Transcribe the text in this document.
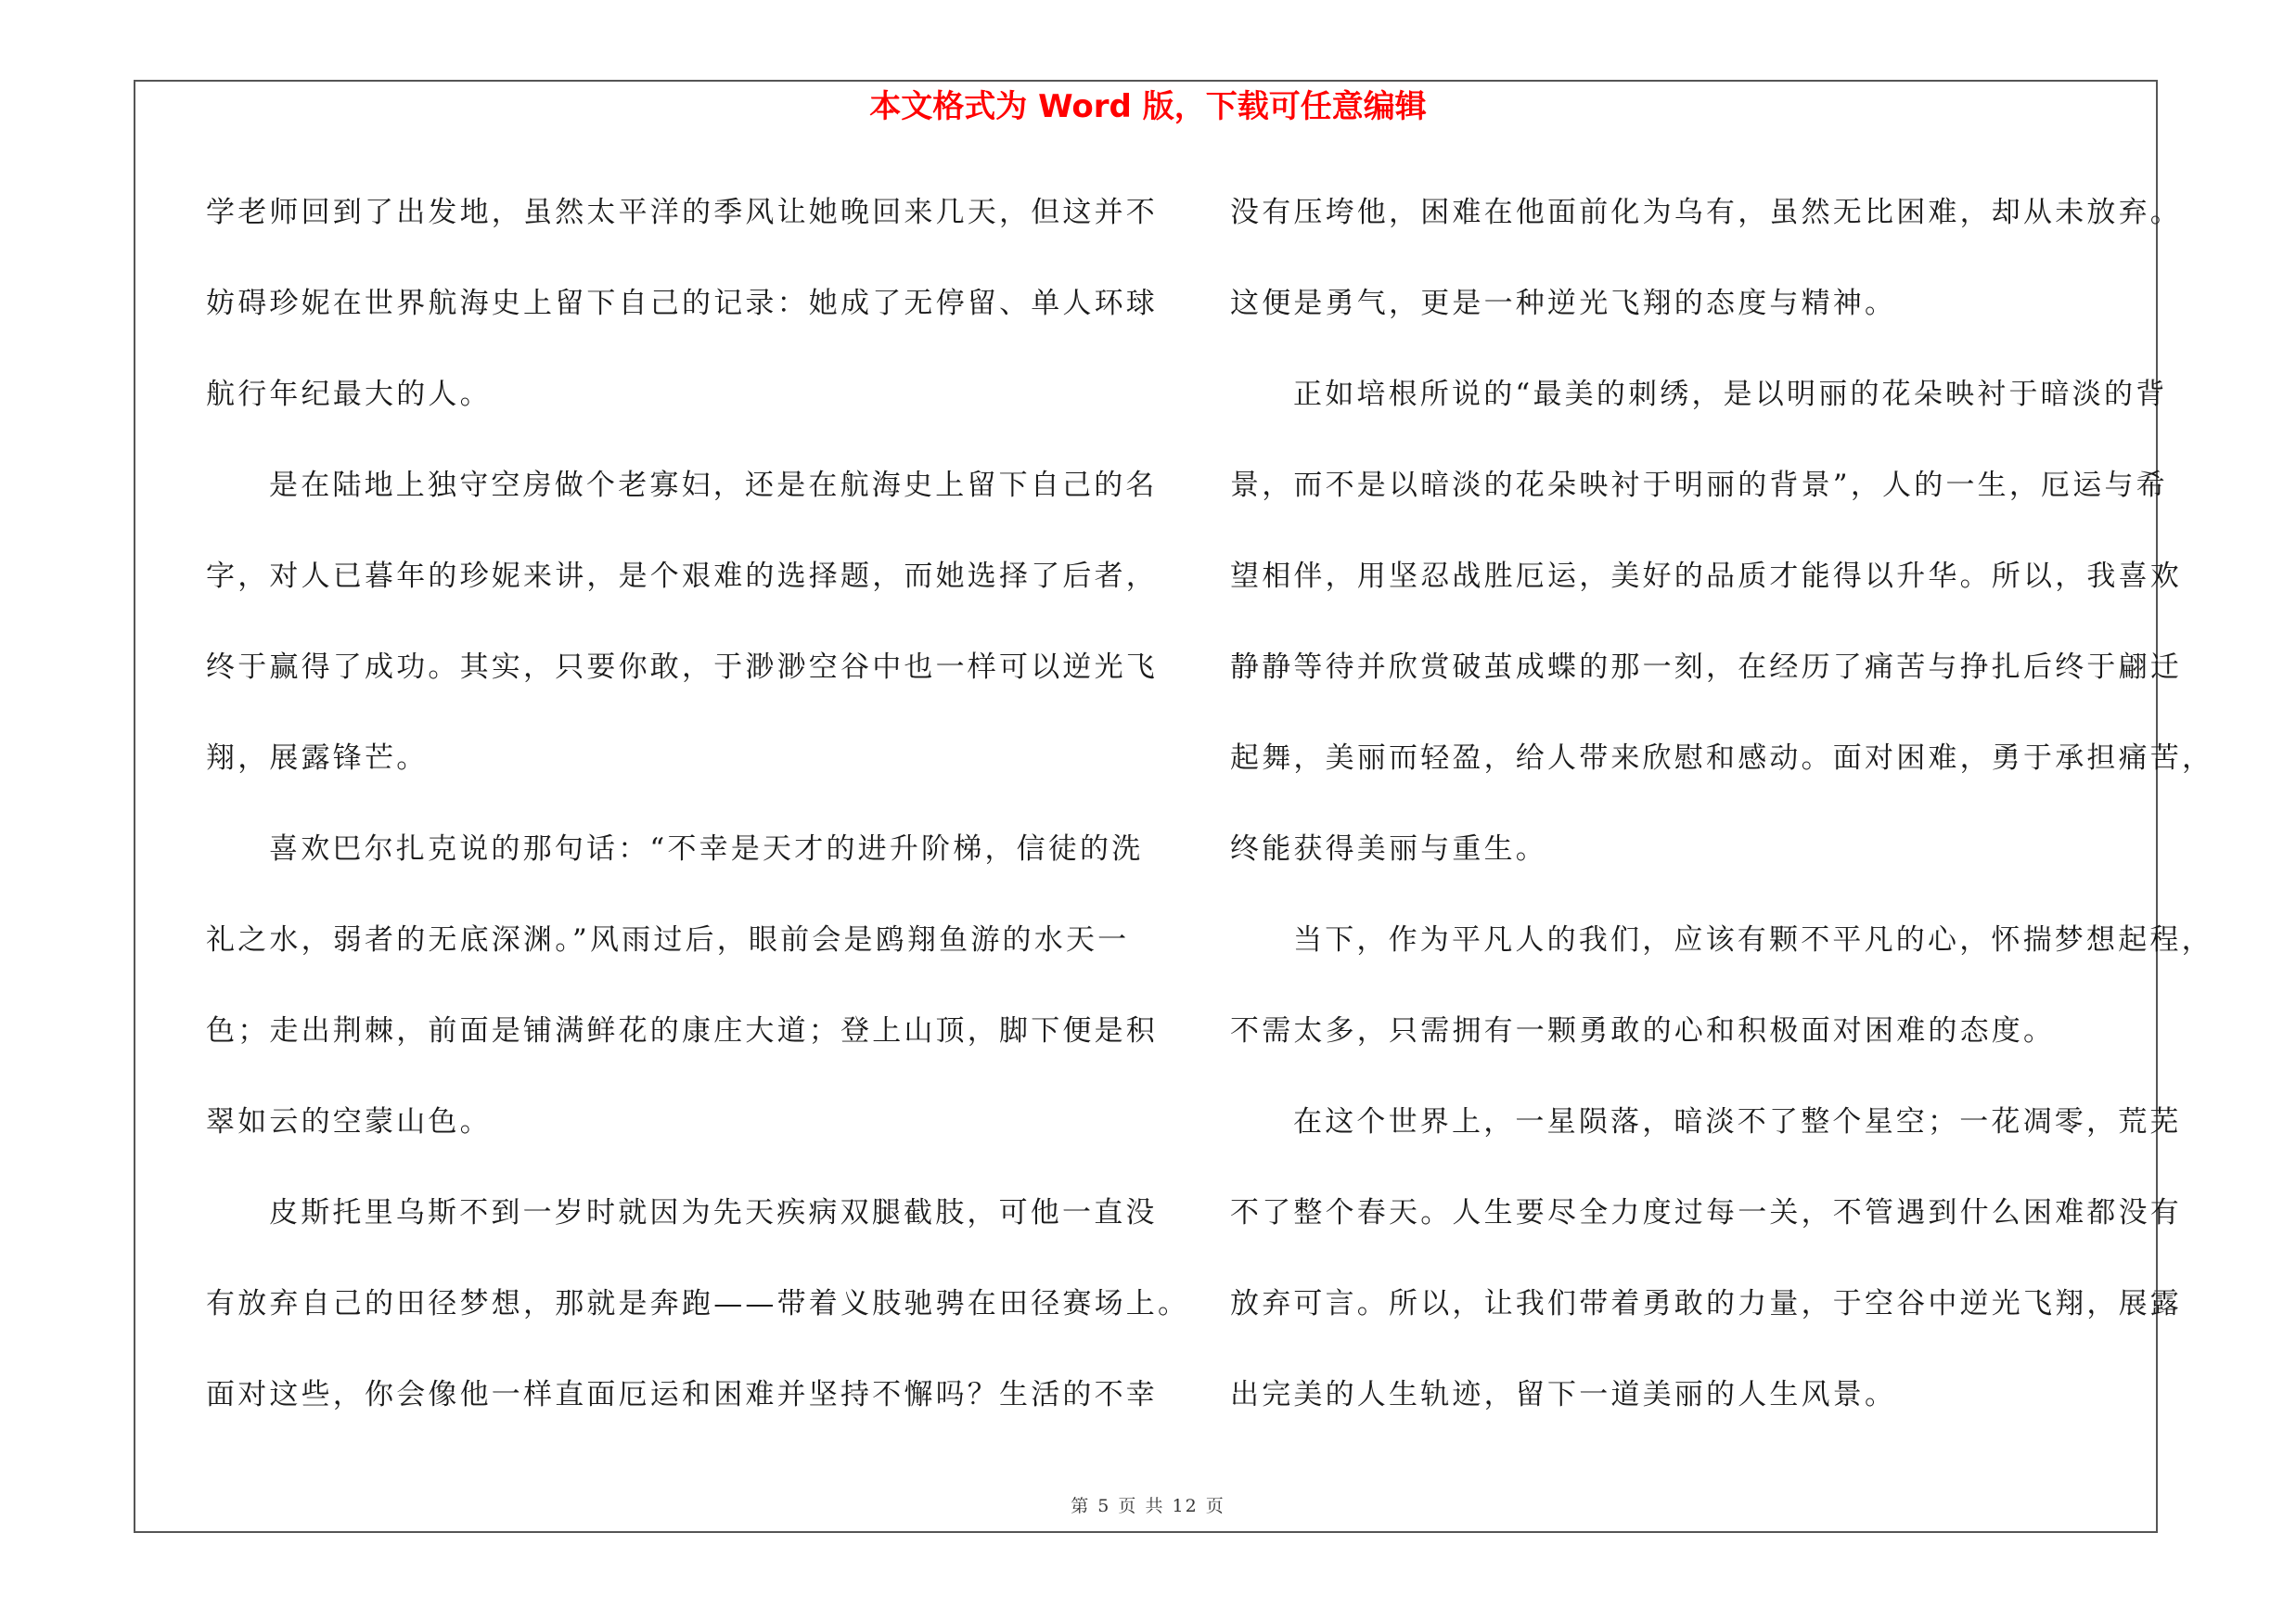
本文格式为 Word 版，下载可任意编辑
学老师回到了出发地，虽然太平洋的季风让她晚回来几天，但这并不
妨碍珍妮在世界航海史上留下自己的记录：她成了无停留、单人环球
航行年纪最大的人。
是在陆地上独守空房做个老寡妇，还是在航海史上留下自己的名
字，对人已暮年的珍妮来讲，是个艰难的选择题，而她选择了后者，
终于赢得了成功。其实，只要你敢，于渺渺空谷中也一样可以逆光飞
翔，展露锋芒。
喜欢巴尔扎克说的那句话：“不幸是天才的进升阶梯，信徒的洗
礼之水，弱者的无底深渊。”风雨过后，眼前会是鸥翔鱼游的水天一
色；走出荆棘，前面是铺满鲜花的康庄大道；登上山顶，脚下便是积
翠如云的空蒙山色。
皮斯托里乌斯不到一岁时就因为先天疾病双腿截肢，可他一直没
有放弃自己的田径梦想，那就是奔跑——带着义肢驰骋在田径赛场上。
面对这些，你会像他一样直面厄运和困难并坚持不懈吗？生活的不幸
没有压垮他，困难在他面前化为乌有，虽然无比困难，却从未放弃。
这便是勇气，更是一种逆光飞翔的态度与精神。
正如培根所说的“最美的刺绣，是以明丽的花朵映衬于暗淡的背
景，而不是以暗淡的花朵映衬于明丽的背景”，人的一生，厄运与希
望相伴，用坚忍战胜厄运，美好的品质才能得以升华。所以，我喜欢
静静等待并欣赏破茧成蝶的那一刻，在经历了痛苦与挣扎后终于翩迁
起舞，美丽而轻盈，给人带来欣慰和感动。面对困难，勇于承担痛苦，
终能获得美丽与重生。
当下，作为平凡人的我们，应该有颗不平凡的心，怀揣梦想起程，
不需太多，只需拥有一颗勇敢的心和积极面对困难的态度。
在这个世界上，一星陨落，暗淡不了整个星空；一花凋零，荒芜
不了整个春天。人生要尽全力度过每一关，不管遇到什么困难都没有
放弃可言。所以，让我们带着勇敢的力量，于空谷中逆光飞翔，展露
出完美的人生轨迹，留下一道美丽的人生风景。
第 5 页 共 12 页
